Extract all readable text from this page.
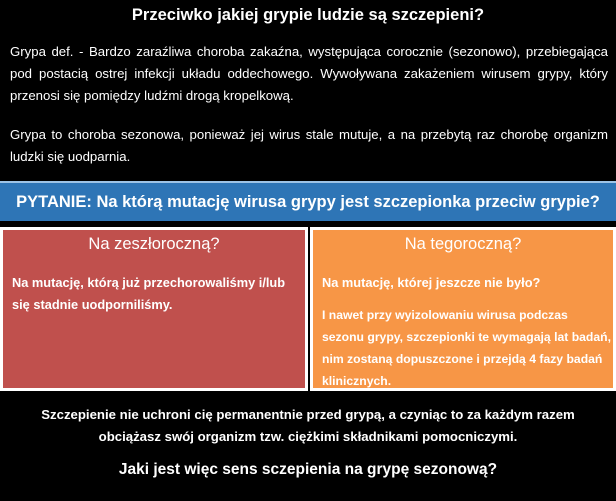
Przeciwko jakiej grypie ludzie są szczepieni?
Grypa def. - Bardzo zaraźliwa choroba zakaźna, występująca corocznie (sezonowo), przebiegająca pod postacią ostrej infekcji układu oddechowego. Wywoływana zakażeniem wirusem grypy, który przenosi się pomiędzy ludźmi drogą kropelkową.
Grypa to choroba sezonowa, ponieważ jej wirus stale mutuje, a na przebytą raz chorobę organizm ludzki się uodparnia.
PYTANIE: Na którą mutację wirusa grypy jest szczepionka przeciw grypie?
Na zeszłoroczną?
Na mutację, którą już przechorowaliśmy i/lub się stadnie uodporniliśmy.
Na tegoroczną?
Na mutację, której jeszcze nie było?
I nawet przy wyizolowaniu wirusa podczas sezonu grypy, szczepionki te wymagają lat badań, nim zostaną dopuszczone i przejdą 4 fazy badań klinicznych.
Szczepienie nie uchroni cię permanentnie przed grypą, a czyniąc to za każdym razem obciążasz swój organizm tzw. ciężkimi składnikami pomocniczymi.
Jaki jest więc sens sczepienia na grypę sezonową?
